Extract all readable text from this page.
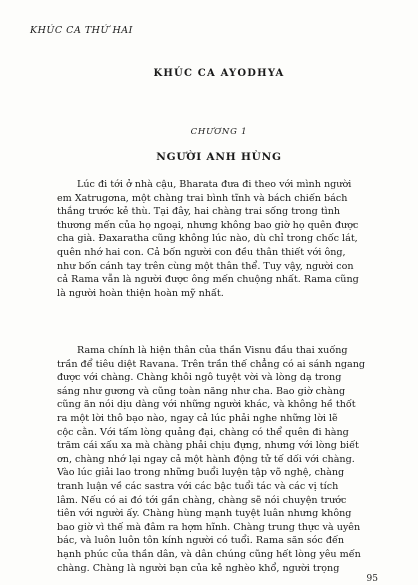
KHÚC CA THỨ HAI
KHÚC CA AYODHYA
CHƯƠNG 1
NGƯỜI ANH HÙNG

Lúc đi tới ở nhà cậu, Bharata đưa đi theo với mình người
em Xatrugơna, một chàng trai bình tĩnh và bách chiến bách
thắng trước kẻ thù. Tại đây, hai chàng trai sống trong tình
thương mến của họ ngoại, nhưng không bao giờ họ quên được
cha già. Đaxaratha cũng không lúc nào, dù chỉ trong chốc lát,
quên nhớ hai con. Cả bốn người con đều thân thiết với ông,
như bốn cánh tay trên cùng một thân thể. Tuy vậy, người con
cả Rama vẫn là người được ông mến chuộng nhất. Rama cũng
là người hoàn thiện hoàn mỹ nhất.

Rama chính là hiện thân của thần Visnu đầu thai xuống
trần để tiêu diệt Ravana. Trên trần thế chẳng có ai sánh ngang
được với chàng. Chàng khôi ngô tuyệt vời và lòng dạ trong
sáng như gương và cũng toàn năng như cha. Bao giờ chàng
cũng ăn nói dịu dàng với những người khác, và không hề thốt
ra một lời thô bạo nào, ngay cả lúc phải nghe những lời lẽ
cộc cằn. Với tấm lòng quảng đại, chàng có thể quên đi hàng
trăm cái xấu xa mà chàng phải chịu đựng, nhưng với lòng biết
ơn, chàng nhớ lại ngay cả một hành động tử tế dối với chàng.
Vào lúc giải lao trong những buổi luyện tập võ nghệ, chàng
tranh luận về các sastra với các bậc tuổi tác và các vị tích
lâm. Nếu có ai đó tới gần chàng, chàng sẽ nói chuyện trước
tiên với người ấy. Chàng hùng mạnh tuyệt luân nhưng không
bao giờ vì thế mà đâm ra hợm hĩnh. Chàng trung thực và uyên
bác, và luôn luôn tôn kính người có tuổi. Rama săn sóc đến
hạnh phúc của thần dân, và dân chúng cũng hết lòng yêu mến
chàng. Chàng là người bạn của kẻ nghèo khổ, người trọng

95
